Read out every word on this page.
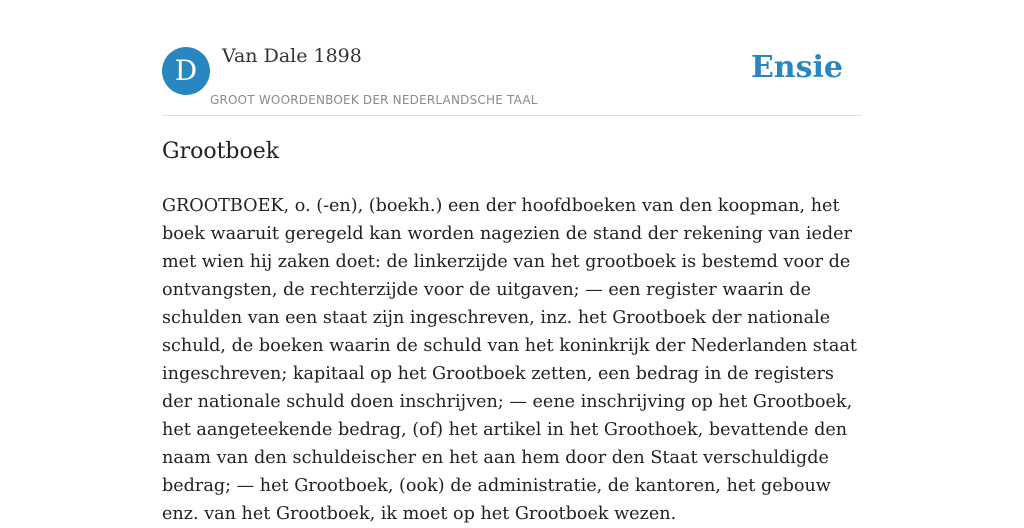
D	Van Dale 1898
GROOT WOORDENBOEK DER NEDERLANDSCHE TAAL
Ensie
Grootboek

GROOTBOEK, o. (-en), (boekh.) een der hoofdboeken van den koopman, het boek waaruit geregeld kan worden nagezien de stand der rekening van ieder met wien hij zaken doet: de linkerzijde van het grootboek is bestemd voor de ontvangsten, de rechterzijde voor de uitgaven; — een register waarin de schulden van een staat zijn ingeschreven, inz. het Grootboek der nationale schuld, de boeken waarin de schuld van het koninkrijk der Nederlanden staat ingeschreven; kapitaal op het Grootboek zetten, een bedrag in de registers der nationale schuld doen inschrijven; — eene inschrijving op het Grootboek, het aangeteekende bedrag, (of) het artikel in het Groothoek, bevattende den naam van den schuldeischer en het aan hem door den Staat verschuldigde bedrag; — het Grootboek, (ook) de administratie, de kantoren, het gebouw enz. van het Grootboek, ik moet op het Grootboek wezen.
